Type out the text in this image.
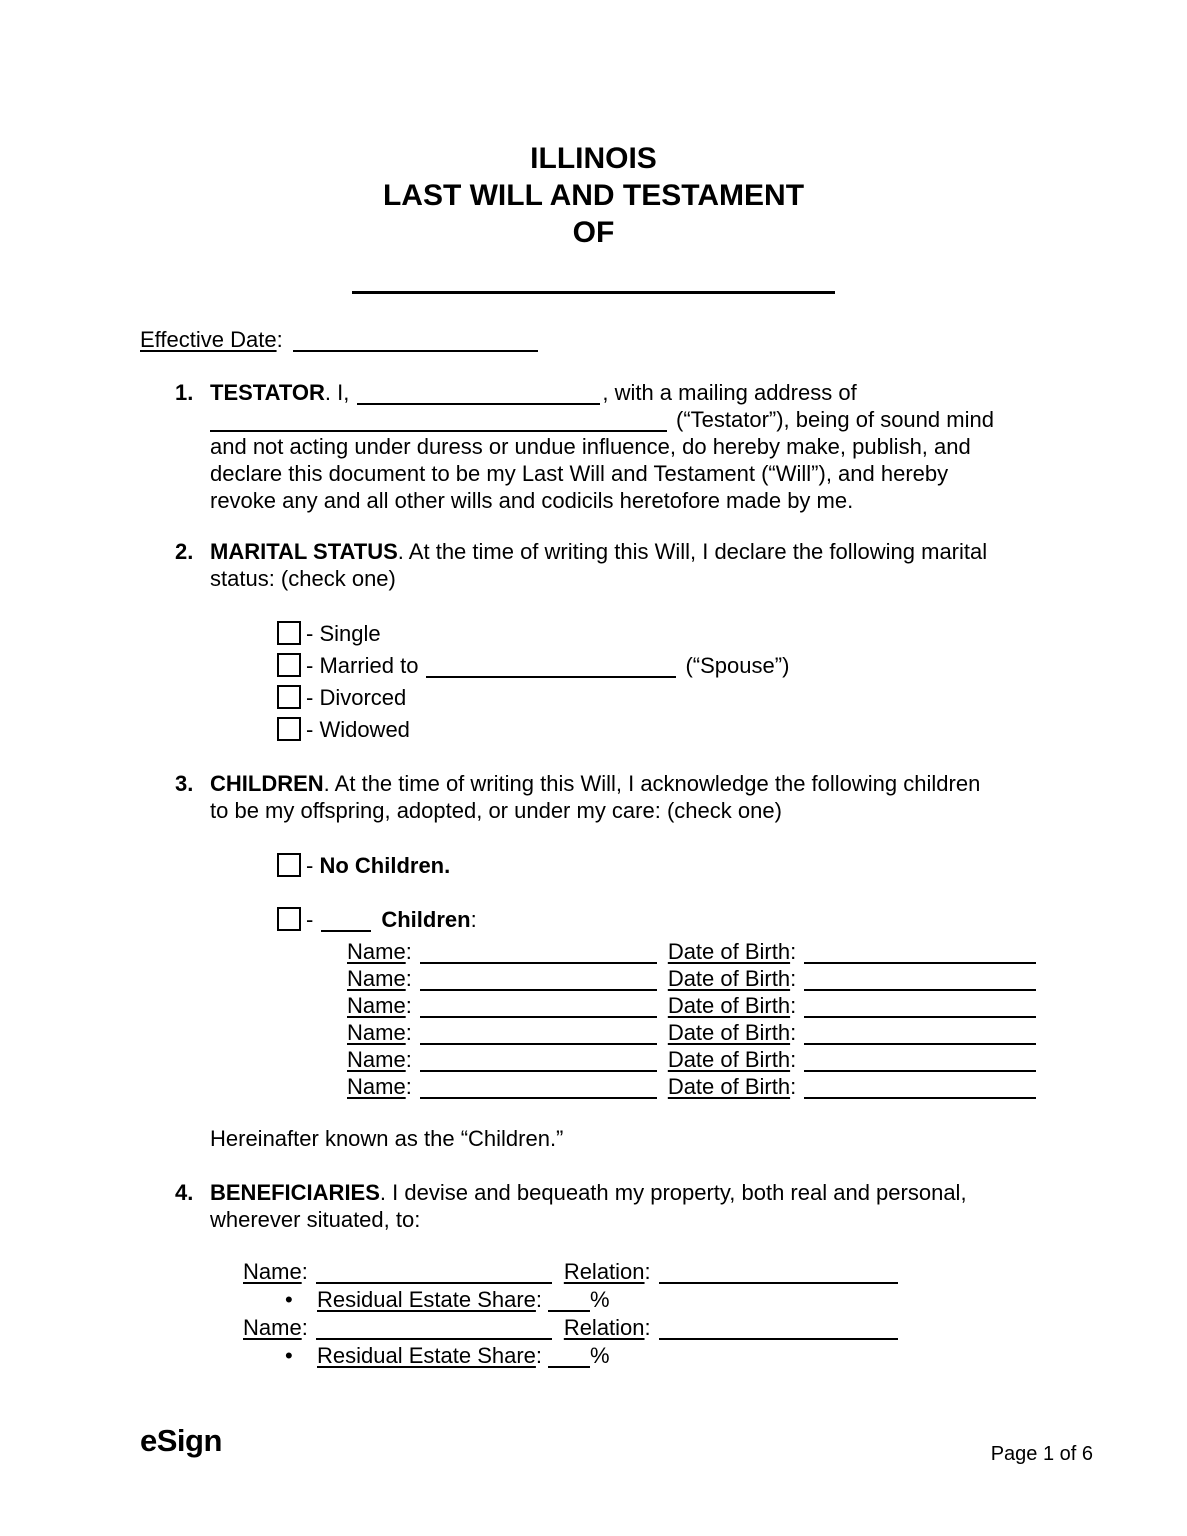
ILLINOIS
LAST WILL AND TESTAMENT
OF
Effective Date:
1. TESTATOR. I,	, with a mailing address of
(“Testator”), being of sound mind
and not acting under duress or undue influence, do hereby make, publish, and
declare this document to be my Last Will and Testament (“Will”), and hereby
revoke any and all other wills and codicils heretofore made by me.
2. MARITAL STATUS. At the time of writing this Will, I declare the following marital
status: (check one)
- Single
- Married to	(“Spouse”)
- Divorced
- Widowed
3. CHILDREN. At the time of writing this Will, I acknowledge the following children
to be my offspring, adopted, or under my care: (check one)
- No Children.
-	Children:
Name:	Date of Birth:
Name:	Date of Birth:
Name:	Date of Birth:
Name:	Date of Birth:
Name:	Date of Birth:
Name:	Date of Birth:
Hereinafter known as the “Children.”
4. BENEFICIARIES. I devise and bequeath my property, both real and personal,
wherever situated, to:
Name:	Relation:
• Residual Estate Share: %
Name:	Relation:
• Residual Estate Share: %
eSign	Page 1 of 6
